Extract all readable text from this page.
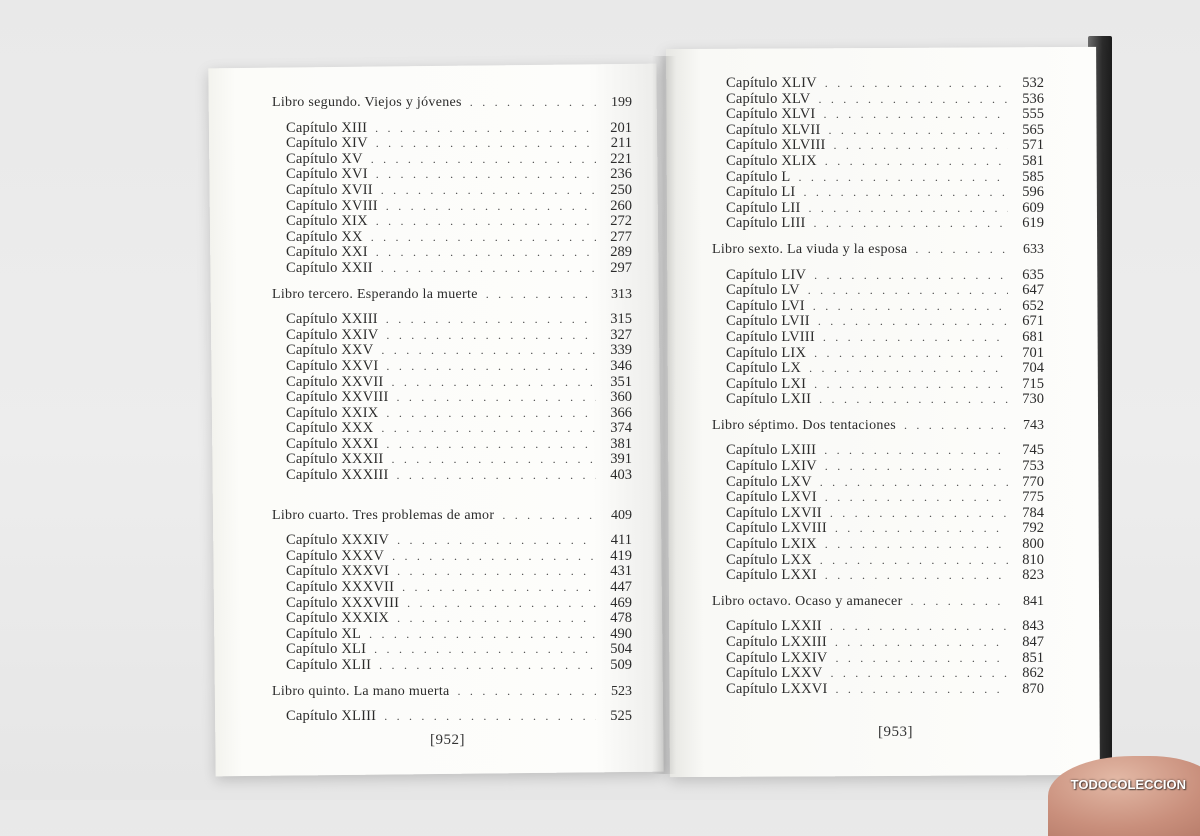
Libro segundo. Viejos y jóvenes . . .	199
Capítulo XIII . . .	201
Capítulo XIV . . .	211
Capítulo XV . . .	221
Capítulo XVI . . .	236
Capítulo XVII . . .	250
Capítulo XVIII . . .	260
Capítulo XIX . . .	272
Capítulo XX . . .	277
Capítulo XXI . . .	289
Capítulo XXII . . .	297
Libro tercero. Esperando la muerte . . .	313
Capítulo XXIII . . .	315
Capítulo XXIV . . .	327
Capítulo XXV . . .	339
Capítulo XXVI . . .	346
Capítulo XXVII . . .	351
Capítulo XXVIII . . .	360
Capítulo XXIX . . .	366
Capítulo XXX . . .	374
Capítulo XXXI . . .	381
Capítulo XXXII . . .	391
Capítulo XXXIII . . .	403
Libro cuarto. Tres problemas de amor . . .	409
Capítulo XXXIV . . .	411
Capítulo XXXV . . .	419
Capítulo XXXVI . . .	431
Capítulo XXXVII . . .	447
Capítulo XXXVIII . . .	469
Capítulo XXXIX . . .	478
Capítulo XL . . .	490
Capítulo XLI . . .	504
Capítulo XLII . . .	509
Libro quinto. La mano muerta . . .	523
Capítulo XLIII . . .	525
Capítulo XLIV . . .	532
Capítulo XLV . . .	536
Capítulo XLVI . . .	555
Capítulo XLVII . . .	565
Capítulo XLVIII . . .	571
Capítulo XLIX . . .	581
Capítulo L . . .	585
Capítulo LI . . .	596
Capítulo LII . . .	609
Capítulo LIII . . .	619
Libro sexto. La viuda y la esposa . . .	633
Capítulo LIV . . .	635
Capítulo LV . . .	647
Capítulo LVI . . .	652
Capítulo LVII . . .	671
Capítulo LVIII . . .	681
Capítulo LIX . . .	701
Capítulo LX . . .	704
Capítulo LXI . . .	715
Capítulo LXII . . .	730
Libro séptimo. Dos tentaciones . . .	743
Capítulo LXIII . . .	745
Capítulo LXIV . . .	753
Capítulo LXV . . .	770
Capítulo LXVI . . .	775
Capítulo LXVII . . .	784
Capítulo LXVIII . . .	792
Capítulo LXIX . . .	800
Capítulo LXX . . .	810
Capítulo LXXI . . .	823
Libro octavo. Ocaso y amanecer . . .	841
Capítulo LXXII . . .	843
Capítulo LXXIII . . .	847
Capítulo LXXIV . . .	851
Capítulo LXXV . . .	862
Capítulo LXXVI . . .	870
[952]	[953]
TODOCOLECCION
